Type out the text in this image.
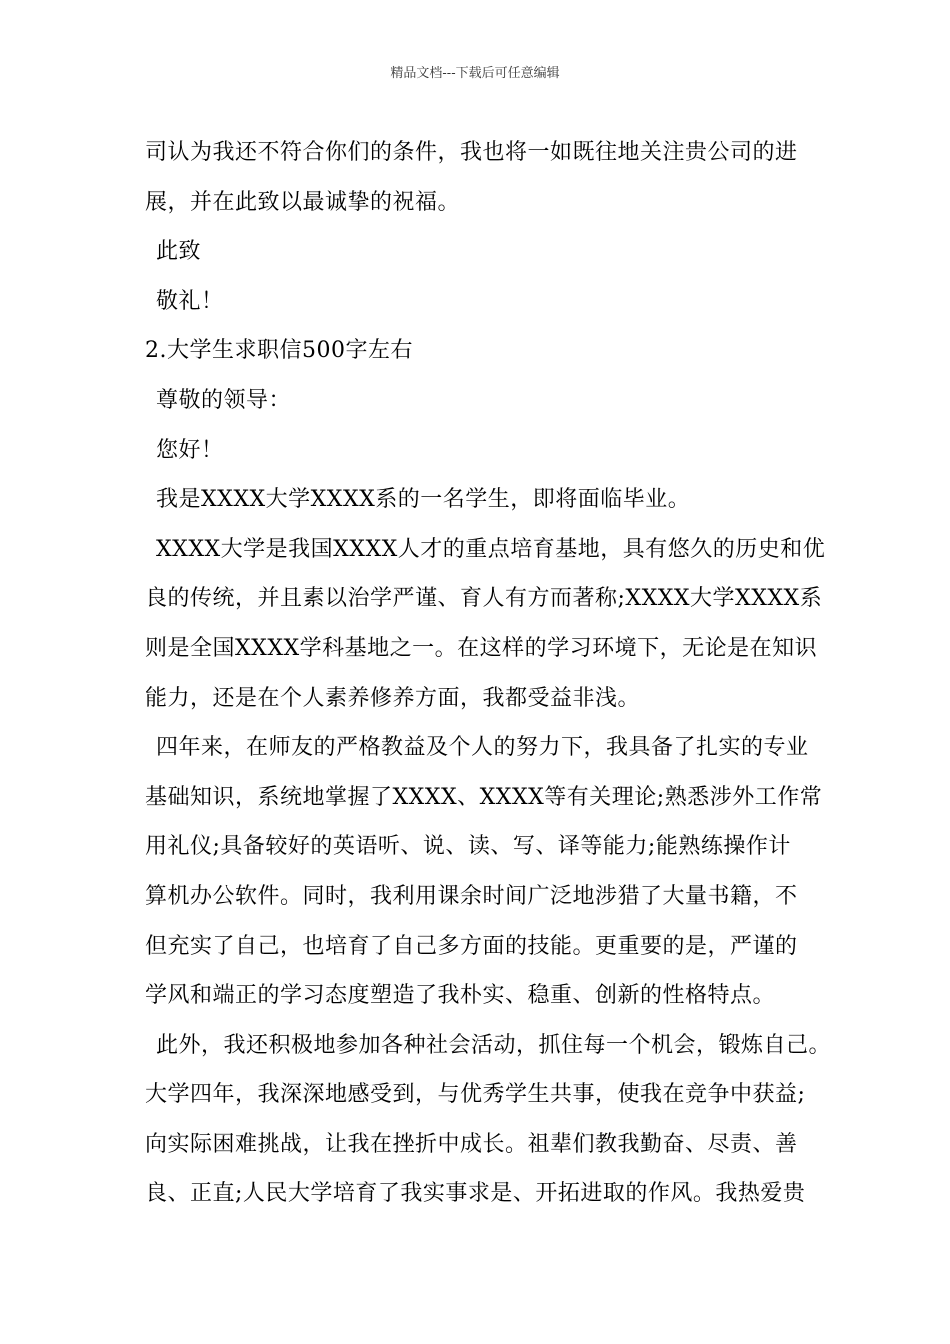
精品文档---下载后可任意编辑
司认为我还不符合你们的条件，我也将一如既往地关注贵公司的进
展，并在此致以最诚挚的祝福。
此致
敬礼！
2.大学生求职信500字左右
尊敬的领导：
您好！
我是XXXX大学XXXX系的一名学生，即将面临毕业。
XXXX大学是我国XXXX人才的重点培育基地，具有悠久的历史和优
良的传统，并且素以治学严谨、育人有方而著称;XXXX大学XXXX系
则是全国XXXX学科基地之一。在这样的学习环境下，无论是在知识
能力，还是在个人素养修养方面，我都受益非浅。
四年来，在师友的严格教益及个人的努力下，我具备了扎实的专业
基础知识，系统地掌握了XXXX、XXXX等有关理论;熟悉涉外工作常
用礼仪;具备较好的英语听、说、读、写、译等能力;能熟练操作计
算机办公软件。同时，我利用课余时间广泛地涉猎了大量书籍，不
但充实了自己，也培育了自己多方面的技能。更重要的是，严谨的
学风和端正的学习态度塑造了我朴实、稳重、创新的性格特点。
此外，我还积极地参加各种社会活动，抓住每一个机会，锻炼自己。
大学四年，我深深地感受到，与优秀学生共事，使我在竞争中获益;
向实际困难挑战，让我在挫折中成长。祖辈们教我勤奋、尽责、善
良、正直;人民大学培育了我实事求是、开拓进取的作风。我热爱贵
